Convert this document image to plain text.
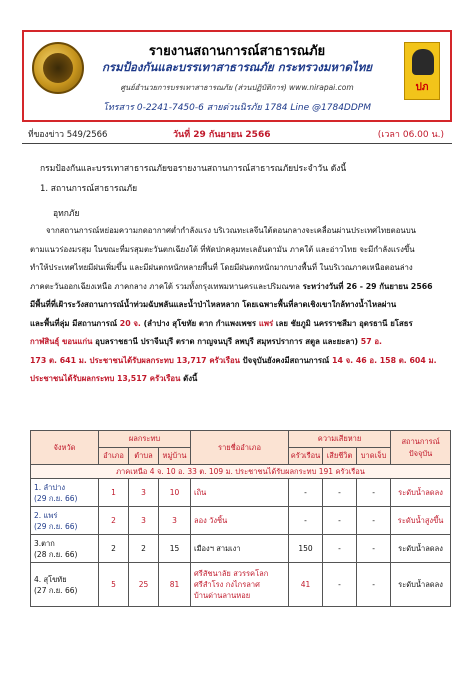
รายงานสถานการณ์สาธารณภัย
กรมป้องกันและบรรเทาสาธารณภัย กระทรวงมหาดไทย
ศูนย์อำนวยการบรรเทาสาธารณภัย (ส่วนปฏิบัติการ) www.nirapai.com
โทรสาร 0-2241-7450-6 สายด่วนนิรภัย 1784 Line @1784DDPM
ปภ
ที่ของข่าว 549/2566	วันที่ 29 กันยายน 2566	(เวลา 06.00 น.)
กรมป้องกันและบรรเทาสาธารณภัยขอรายงานสถานการณ์สาธารณภัยประจำวัน ดังนี้
1. สถานการณ์สาธารณภัย
อุทกภัย
จากสถานการณ์หย่อมความกดอากาศต่ำกำลังแรง บริเวณทะเลจีนใต้ตอนกลางจะเคลื่อนผ่านประเทศไทยตอนบน
ตามแนวร่องมรสุม ในขณะที่มรสุมตะวันตกเฉียงใต้ ที่พัดปกคลุมทะเลอันดามัน ภาคใต้ และอ่าวไทย จะมีกำลังแรงขึ้น
ทำให้ประเทศไทยมีฝนเพิ่มขึ้น และมีฝนตกหนักหลายพื้นที่ โดยมีฝนตกหนักมากบางพื้นที่ ในบริเวณภาคเหนือตอนล่าง
ภาคตะวันออกเฉียงเหนือ ภาคกลาง ภาคใต้ รวมทั้งกรุงเทพมหานครและปริมณฑล ระหว่างวันที่ 26 - 29 กันยายน 2566
มีพื้นที่ที่เฝ้าระวังสถานการณ์น้ำท่วมฉับพลันและน้ำป่าไหลหลาก โดยเฉพาะพื้นที่ลาดเชิงเขาใกล้ทางน้ำไหลผ่าน
และพื้นที่ลุ่ม มีสถานการณ์ 20 จ. (ลำปาง สุโขทัย ตาก กำแพงเพชร แพร่ เลย ชัยภูมิ นครราชสีมา อุดรธานี ยโสธร
กาฬสินธุ์ ขอนแก่น อุบลราชธานี ปราจีนบุรี ตราด กาญจนบุรี ลพบุรี สมุทรปราการ สตูล และยะลา) 57 อ.
173 ต. 641 ม. ประชาชนได้รับผลกระทบ 13,717 ครัวเรือน ปัจจุบันยังคงมีสถานการณ์ 14 จ. 46 อ. 158 ต. 604 ม.
ประชาชนได้รับผลกระทบ 13,517 ครัวเรือน ดังนี้
จังหวัด	ผลกระทบ			รายชื่ออำเภอ	ความเสียหาย			สถานการณ์ ปัจจุบัน
	อำเภอ	ตำบล	หมู่บ้าน		ครัวเรือน	เสียชีวิต	บาดเจ็บ	
ภาคเหนือ 4 จ. 10 อ. 33 ต. 109 ม. ประชาชนได้รับผลกระทบ 191 ครัวเรือน								
1. ลำปาง
(29 ก.ย. 66)	1	3	10	เถิน	-	-	-	ระดับน้ำลดลง
2. แพร่
(29 ก.ย. 66)	2	3	3	ลอง วังชิ้น	-	-	-	ระดับน้ำสูงขึ้น
3.ตาก
(28 ก.ย. 66)	2	2	15	เมืองฯ สามเงา	150	-	-	ระดับน้ำลดลง
4. สุโขทัย
(27 ก.ย. 66)	5	25	81	ศรีสัชนาลัย สวรรคโลก ศรีสำโรง กงไกรลาศ บ้านด่านลานหอย	41	-	-	ระดับน้ำลดลง
